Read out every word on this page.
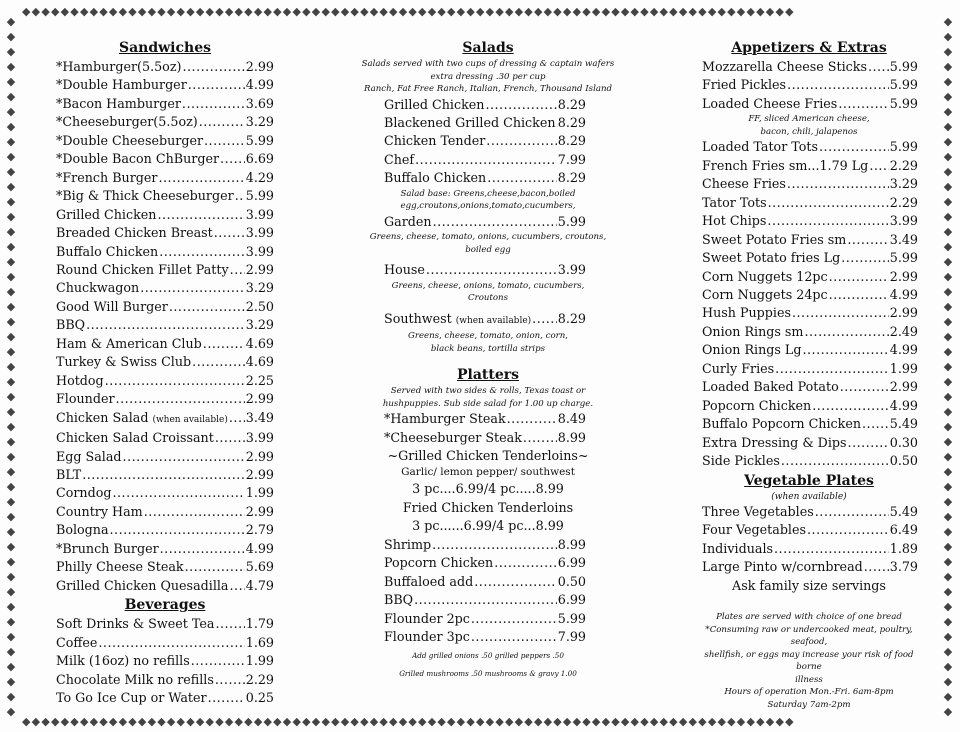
◆◆◆◆◆◆◆◆◆◆◆◆◆◆◆◆◆◆◆◆◆◆◆◆◆◆◆◆◆◆◆◆◆◆◆◆◆◆◆◆◆◆◆◆◆◆◆◆◆◆◆◆◆◆◆◆◆◆◆◆◆◆◆◆◆◆◆◆◆◆◆◆◆◆◆◆◆◆◆◆
◆◆◆◆◆◆◆◆◆◆◆◆◆◆◆◆◆◆◆◆◆◆◆◆◆◆◆◆◆◆◆◆◆◆◆◆◆◆◆◆◆◆◆◆◆◆◆◆◆◆◆◆◆◆◆◆◆◆◆◆◆◆◆◆◆◆◆◆◆◆◆◆◆◆◆◆◆◆◆◆
◆◆◆◆◆◆◆◆◆◆◆◆◆◆◆◆◆◆◆◆◆◆◆◆◆◆◆◆◆◆◆◆◆◆◆◆◆◆◆◆◆◆◆◆◆◆◆
◆◆◆◆◆◆◆◆◆◆◆◆◆◆◆◆◆◆◆◆◆◆◆◆◆◆◆◆◆◆◆◆◆◆◆◆◆◆◆◆◆◆◆◆◆◆◆
Sandwiches
*Hamburger(5.5oz) .....	2.99
*Double Hamburger .....	4.99
*Bacon Hamburger .....	3.69
*Cheeseburger(5.5oz) .....	3.29
*Double Cheeseburger .....	5.99
*Double Bacon ChBurger ..... 6.69
*French Burger .....	4.29
*Big & Thick Cheeseburger ..... 5.99
Grilled Chicken .....	3.99
Breaded Chicken Breast .....	3.99
Buffalo Chicken .....	3.99
Round Chicken Fillet Patty ..... 2.99
Chuckwagon .....	3.29
Good Will Burger .....	2.50
BBQ .....	3.29
Ham & American Club .....	4.69
Turkey & Swiss Club .....	4.69
Hotdog .....	2.25
Flounder .....	2.99
Chicken Salad (when available) ..... 3.49
Chicken Salad Croissant .....	3.99
Egg Salad .....	2.99
BLT .....	2.99
Corndog .....	1.99
Country Ham .....	2.99
Bologna .....	2.79
*Brunch Burger .....	4.99
Philly Cheese Steak .....	5.69
Grilled Chicken Quesadilla ..... 4.79
Beverages
Soft Drinks & Sweet Tea ..... 1.79
Coffee .....	1.69
Milk (16oz) no refills .....	1.99
Chocolate Milk no refills .....	2.29
To Go Ice Cup or Water .....	0.25
Salads
Salads served with two cups of dressing & captain wafers
extra dressing .30 per cup
Ranch, Fat Free Ranch, Italian, French, Thousand Island
Grilled Chicken .....	8.29
Blackened Grilled Chicken ..... 8.29
Chicken Tender .....	8.29
Chef .....	7.99
Buffalo Chicken .....	8.29
Salad base: Greens,cheese,bacon,boiled
egg,croutons,onions,tomato,cucumbers,
Garden .....	5.99
Greens, cheese, tomato, onions, cucumbers, croutons,
boiled egg
House .....	3.99
Greens, cheese, onions, tomato, cucumbers,
Croutons
Southwest (when available) ..... 8.29
Greens, cheese, tomato, onion, corn,
black beans, tortilla strips
Platters
Served with two sides & rolls, Texas toast or
hushpuppies. Sub side salad for 1.00 up charge.
*Hamburger Steak .....	8.49
*Cheeseburger Steak .....	8.99
~Grilled Chicken Tenderloins~
Garlic/ lemon pepper/ southwest
3 pc....6.99/4 pc.....8.99
Fried Chicken Tenderloins
3 pc......6.99/4 pc...8.99
Shrimp .....	8.99
Popcorn Chicken .....	6.99
Buffaloed add .....	0.50
BBQ .....	6.99
Flounder 2pc .....	5.99
Flounder 3pc .....	7.99
Add grilled onions .50 grilled peppers .50
Grilled mushrooms .50 mushrooms & gravy 1.00
Appetizers & Extras
Mozzarella Cheese Sticks ..... 5.99
Fried Pickles .....	5.99
Loaded Cheese Fries .....	5.99
FF, sliced American cheese,
bacon, chili, jalapenos
Loaded Tator Tots .....	5.99
French Fries sm...1.79 Lg ..... 2.29
Cheese Fries .....	3.29
Tator Tots .....	2.29
Hot Chips .....	3.99
Sweet Potato Fries sm .....	3.49
Sweet Potato fries Lg .....	5.99
Corn Nuggets 12pc .....	2.99
Corn Nuggets 24pc .....	4.99
Hush Puppies .....	2.99
Onion Rings sm .....	2.49
Onion Rings Lg .....	4.99
Curly Fries .....	1.99
Loaded Baked Potato .....	2.99
Popcorn Chicken .....	4.99
Buffalo Popcorn Chicken ..... 5.49
Extra Dressing & Dips .....	0.30
Side Pickles .....	0.50
Vegetable Plates
(when available)
Three Vegetables .....	5.49
Four Vegetables .....	6.49
Individuals .....	1.89
Large Pinto w/cornbread ..... 3.79
Ask family size servings
Plates are served with choice of one bread
*Consuming raw or undercooked meat, poultry, seafood,
shellfish, or eggs may increase your risk of food borne
illness
Hours of operation Mon.-Fri. 6am-8pm
Saturday 7am-2pm
